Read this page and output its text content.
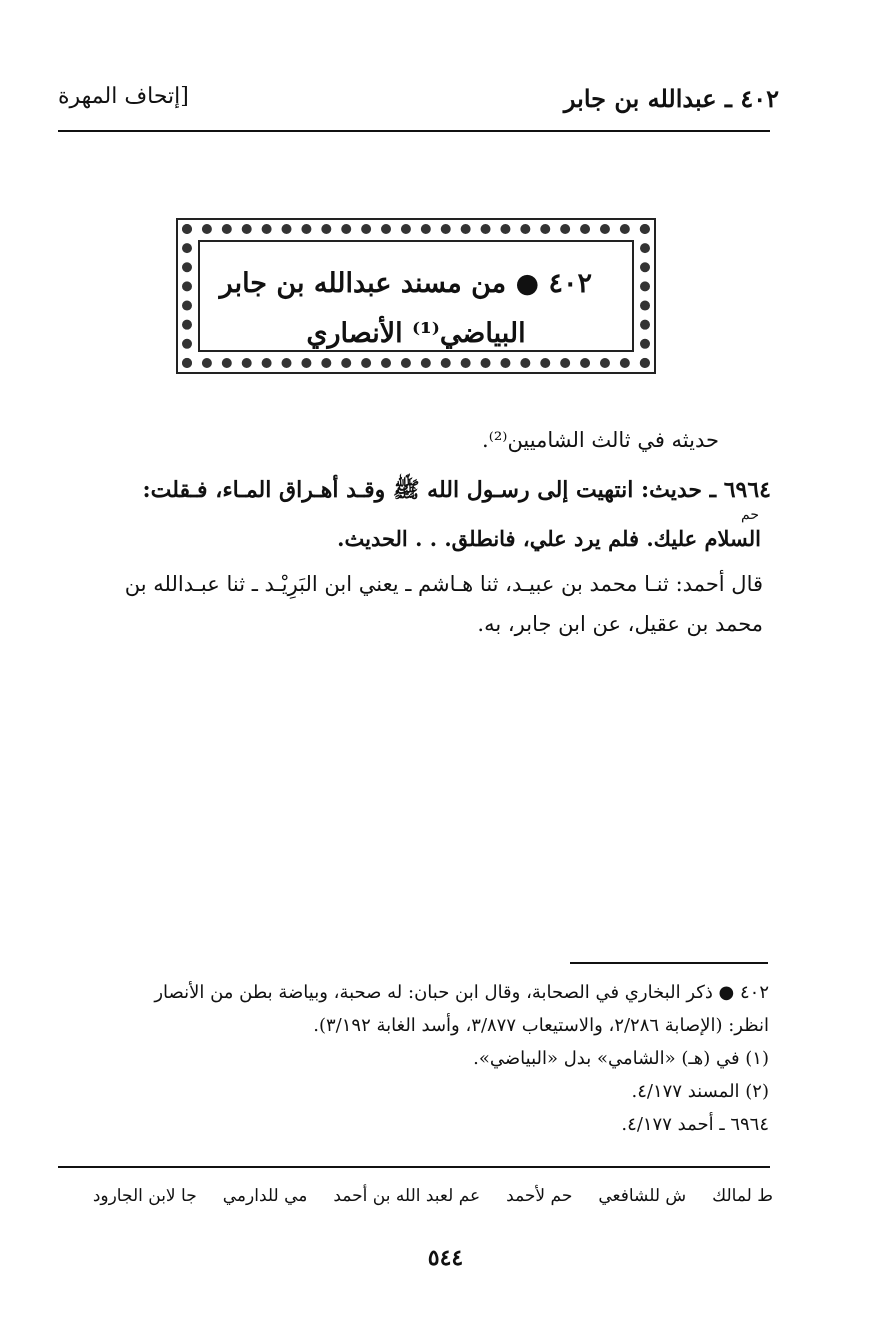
٤٠٢ ـ عبدالله بن جابر
[إتحاف المهرة
٤٠٢ ● من مسند عبدالله بن جابر
البياضي⁽¹⁾ الأنصاري
حديثه في ثالث الشاميين⁽²⁾.
٦٩٦٤ ـ حديث: انتهيت إلى رسـول الله ﷺ وقـد أهـراق المـاء، فـقلت:
حم
السلام عليك. فلم يرد علي، فانطلق. . . الحديث.
قال أحمد: ثنـا محمد بن عبيـد، ثنا هـاشم ـ يعني ابن البَرِيْـد ـ ثنا عبـدالله بن
محمد بن عقيل، عن ابن جابر، به.
٤٠٢ ● ذكر البخاري في الصحابة، وقال ابن حبان: له صحبة، وبياضة بطن من الأنصار
انظر: (الإصابة ٢/٢٨٦، والاستيعاب ٣/٨٧٧، وأسد الغابة ٣/١٩٢).
(١) في (هـ) «الشامي» بدل «البياضي».
(٢) المسند ٤/١٧٧.
٦٩٦٤ ـ أحمد ٤/١٧٧.
ط لمالك
ش للشافعي
حم لأحمد
عم لعبد الله بن أحمد
مي للدارمي
جا لابن الجارود
٥٤٤
